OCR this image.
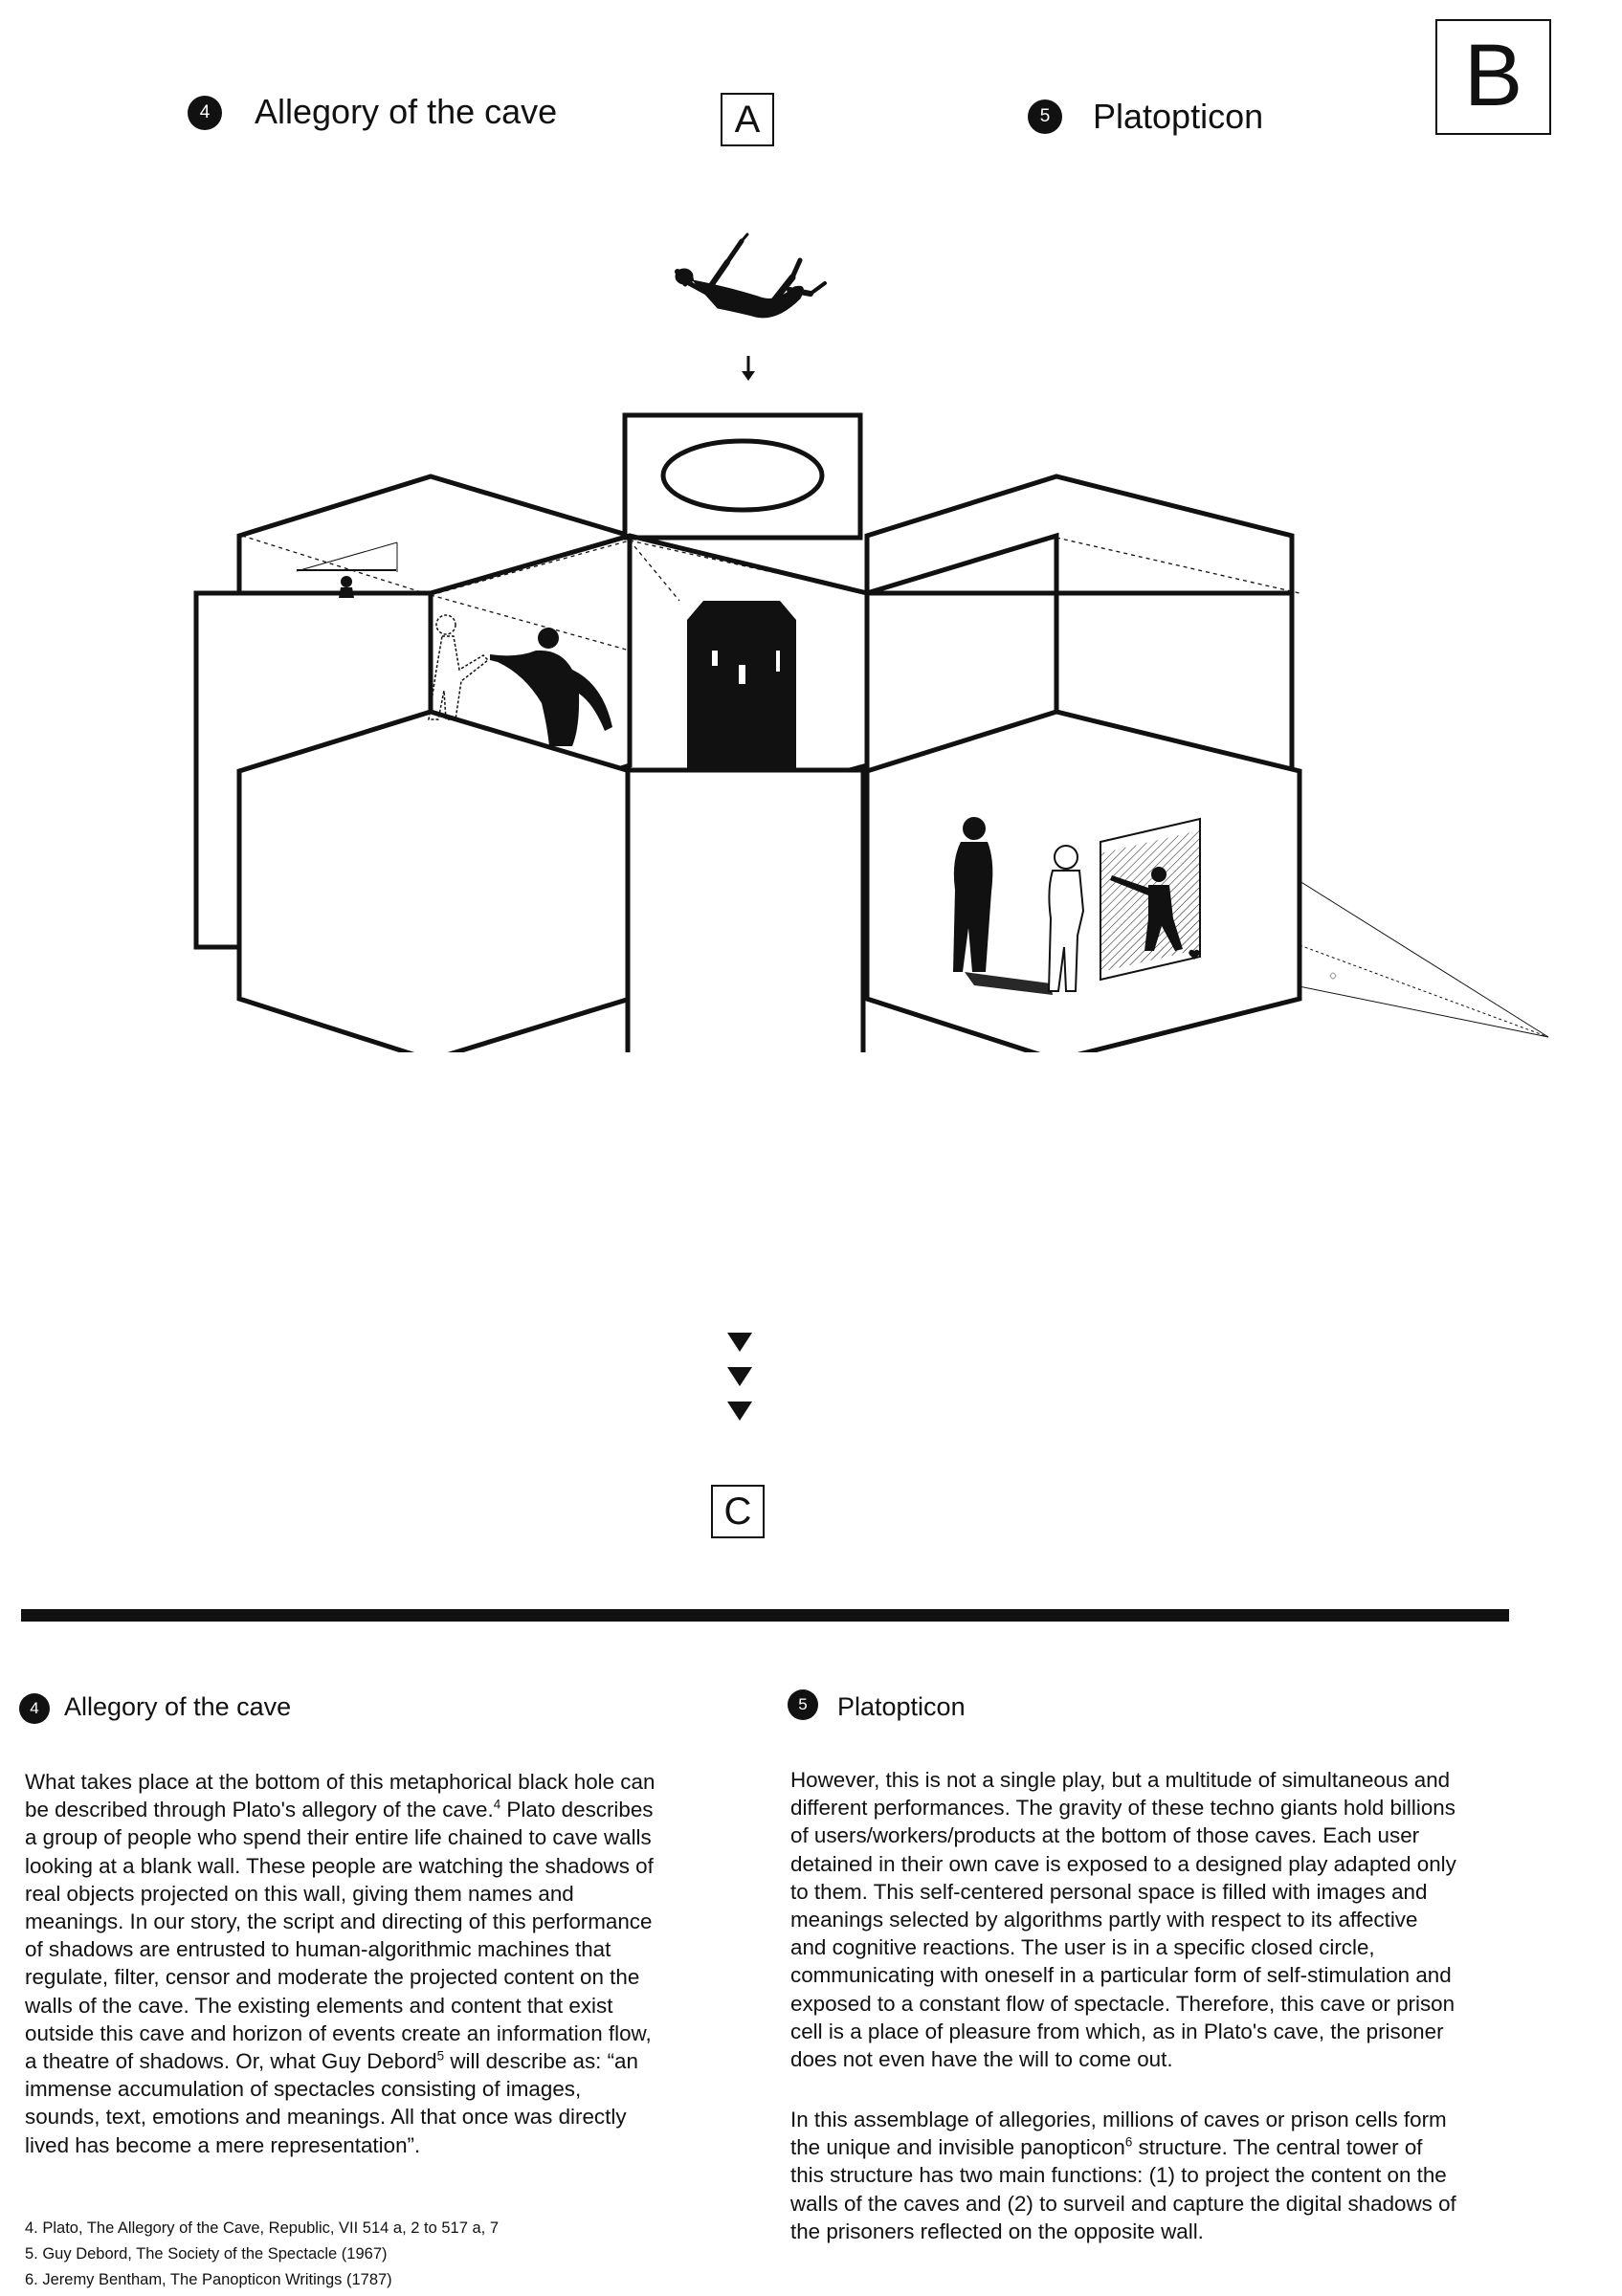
4	Allegory of the cave	A	5	Platopticon	B
C
4 Allegory of the cave
What takes place at the bottom of this metaphorical black hole can
be described through Plato's allegory of the cave.$^4$ Plato describes
a group of people who spend their entire life chained to cave walls
looking at a blank wall. These people are watching the shadows of
real objects projected on this wall, giving them names and
meanings. In our story, the script and directing of this performance
of shadows are entrusted to human-algorithmic machines that
regulate, filter, censor and moderate the projected content on the
walls of the cave. The existing elements and content that exist
outside this cave and horizon of events create an information flow,
a theatre of shadows. Or, what Guy Debord$^5$ will describe as: “an
immense accumulation of spectacles consisting of images,
sounds, text, emotions and meanings. All that once was directly
lived has become a mere representation”.
5	Platopticon
However, this is not a single play, but a multitude of simultaneous and
different performances. The gravity of these techno giants hold billions
of users/workers/products at the bottom of those caves. Each user
detained in their own cave is exposed to a designed play adapted only
to them. This self-centered personal space is filled with images and
meanings selected by algorithms partly with respect to its affective
and cognitive reactions. The user is in a specific closed circle,
communicating with oneself in a particular form of self-stimulation and
exposed to a constant flow of spectacle. Therefore, this cave or prison
cell is a place of pleasure from which, as in Plato's cave, the prisoner
does not even have the will to come out.
In this assemblage of allegories, millions of caves or prison cells form
the unique and invisible panopticon$^6$ structure. The central tower of
this structure has two main functions: (1) to project the content on the
walls of the caves and (2) to surveil and capture the digital shadows of
the prisoners reflected on the opposite wall.
4. Plato, The Allegory of the Cave, Republic, VII 514 a, 2 to 517 a, 7
5. Guy Debord, The Society of the Spectacle (1967)
6. Jeremy Bentham, The Panopticon Writings (1787)
